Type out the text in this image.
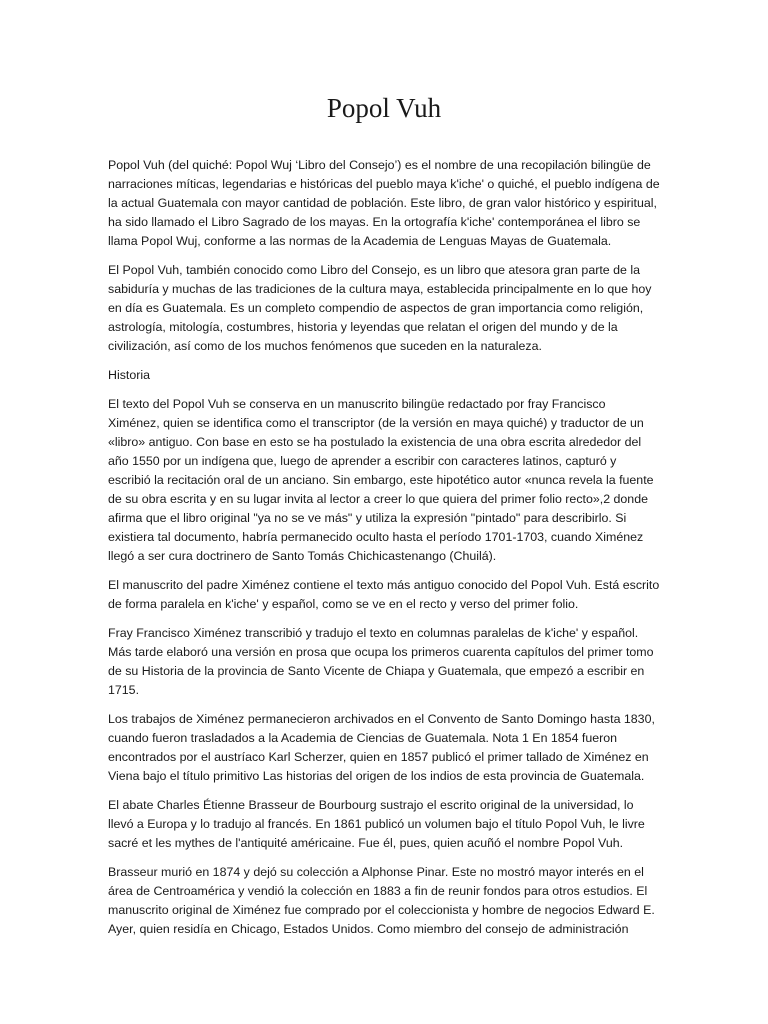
Popol Vuh

Popol Vuh (del quiché: Popol Wuj ‘Libro del Consejo’) es el nombre de una recopilación bilingüe de narraciones míticas, legendarias e históricas del pueblo maya k'iche' o quiché, el pueblo indígena de la actual Guatemala con mayor cantidad de población. Este libro, de gran valor histórico y espiritual, ha sido llamado el Libro Sagrado de los mayas. En la ortografía k'iche' contemporánea el libro se llama Popol Wuj, conforme a las normas de la Academia de Lenguas Mayas de Guatemala.

El Popol Vuh, también conocido como Libro del Consejo, es un libro que atesora gran parte de la sabiduría y muchas de las tradiciones de la cultura maya, establecida principalmente en lo que hoy en día es Guatemala. Es un completo compendio de aspectos de gran importancia como religión, astrología, mitología, costumbres, historia y leyendas que relatan el origen del mundo y de la civilización, así como de los muchos fenómenos que suceden en la naturaleza.

Historia

El texto del Popol Vuh se conserva en un manuscrito bilingüe redactado por fray Francisco Ximénez, quien se identifica como el transcriptor (de la versión en maya quiché) y traductor de un «libro» antiguo. Con base en esto se ha postulado la existencia de una obra escrita alrededor del año 1550 por un indígena que, luego de aprender a escribir con caracteres latinos, capturó y escribió la recitación oral de un anciano. Sin embargo, este hipotético autor «nunca revela la fuente de su obra escrita y en su lugar invita al lector a creer lo que quiera del primer folio recto»,2 donde afirma que el libro original "ya no se ve más" y utiliza la expresión "pintado" para describirlo. Si existiera tal documento, habría permanecido oculto hasta el período 1701-1703, cuando Ximénez llegó a ser cura doctrinero de Santo Tomás Chichicastenango (Chuilá).

El manuscrito del padre Ximénez contiene el texto más antiguo conocido del Popol Vuh. Está escrito de forma paralela en k'iche' y español, como se ve en el recto y verso del primer folio.

Fray Francisco Ximénez transcribió y tradujo el texto en columnas paralelas de k'iche' y español. Más tarde elaboró una versión en prosa que ocupa los primeros cuarenta capítulos del primer tomo de su Historia de la provincia de Santo Vicente de Chiapa y Guatemala, que empezó a escribir en 1715.

Los trabajos de Ximénez permanecieron archivados en el Convento de Santo Domingo hasta 1830, cuando fueron trasladados a la Academia de Ciencias de Guatemala. Nota 1 En 1854 fueron encontrados por el austríaco Karl Scherzer, quien en 1857 publicó el primer tallado de Ximénez en Viena bajo el título primitivo Las historias del origen de los indios de esta provincia de Guatemala.

El abate Charles Étienne Brasseur de Bourbourg sustrajo el escrito original de la universidad, lo llevó a Europa y lo tradujo al francés. En 1861 publicó un volumen bajo el título Popol Vuh, le livre sacré et les mythes de l'antiquité américaine. Fue él, pues, quien acuñó el nombre Popol Vuh.

Brasseur murió en 1874 y dejó su colección a Alphonse Pinar. Este no mostró mayor interés en el área de Centroamérica y vendió la colección en 1883 a fin de reunir fondos para otros estudios. El manuscrito original de Ximénez fue comprado por el coleccionista y hombre de negocios Edward E. Ayer, quien residía en Chicago, Estados Unidos. Como miembro del consejo de administración
